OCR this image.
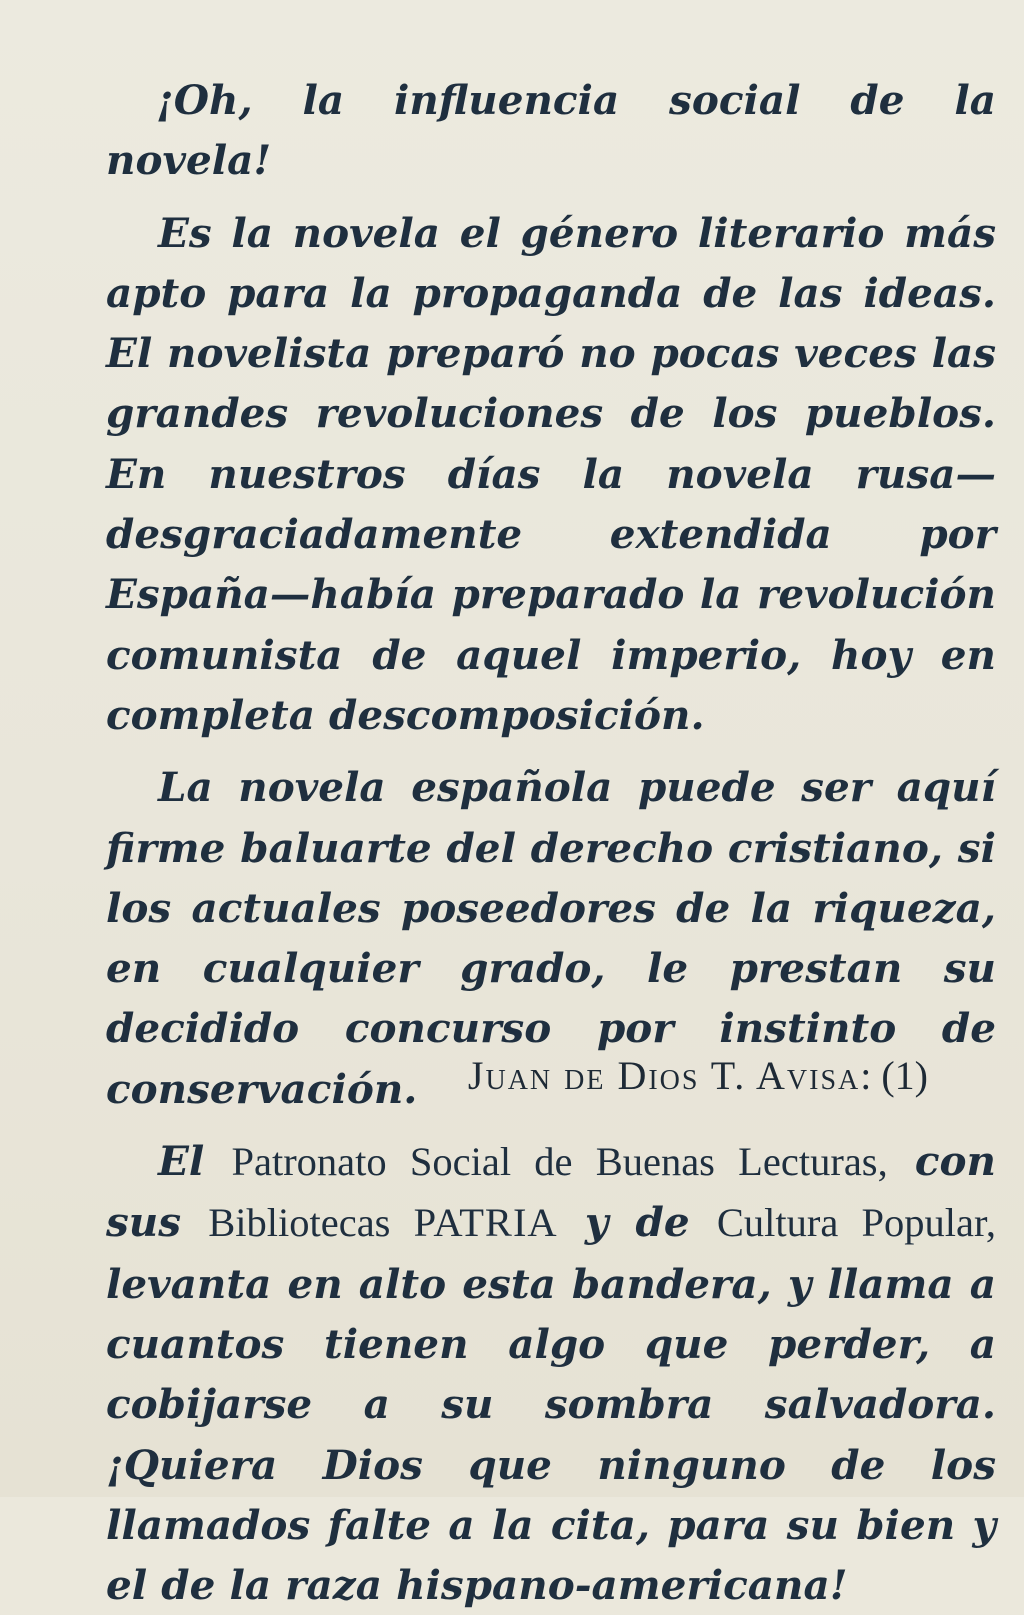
¡Oh, la influencia social de la novela!

Es la novela el género literario más apto para la propaganda de las ideas. El novelista preparó no pocas veces las grandes revoluciones de los pueblos. En nuestros días la novela rusa—desgraciadamente extendida por España—había preparado la revolución comunista de aquel imperio, hoy en completa descomposición.

La novela española puede ser aquí firme baluarte del derecho cristiano, si los actuales poseedores de la riqueza, en cualquier grado, le prestan su decidido concurso por instinto de conservación.

El Patronato Social de Buenas Lecturas, con sus Bibliotecas PATRIA y de Cultura Popular, levanta en alto esta bandera, y llama a cuantos tienen algo que perder, a cobijarse a su sombra salvadora. ¡Quiera Dios que ninguno de los llamados falte a la cita, para su bien y el de la raza hispano-americana!

Juan de Dios T. Avisa: (1)
